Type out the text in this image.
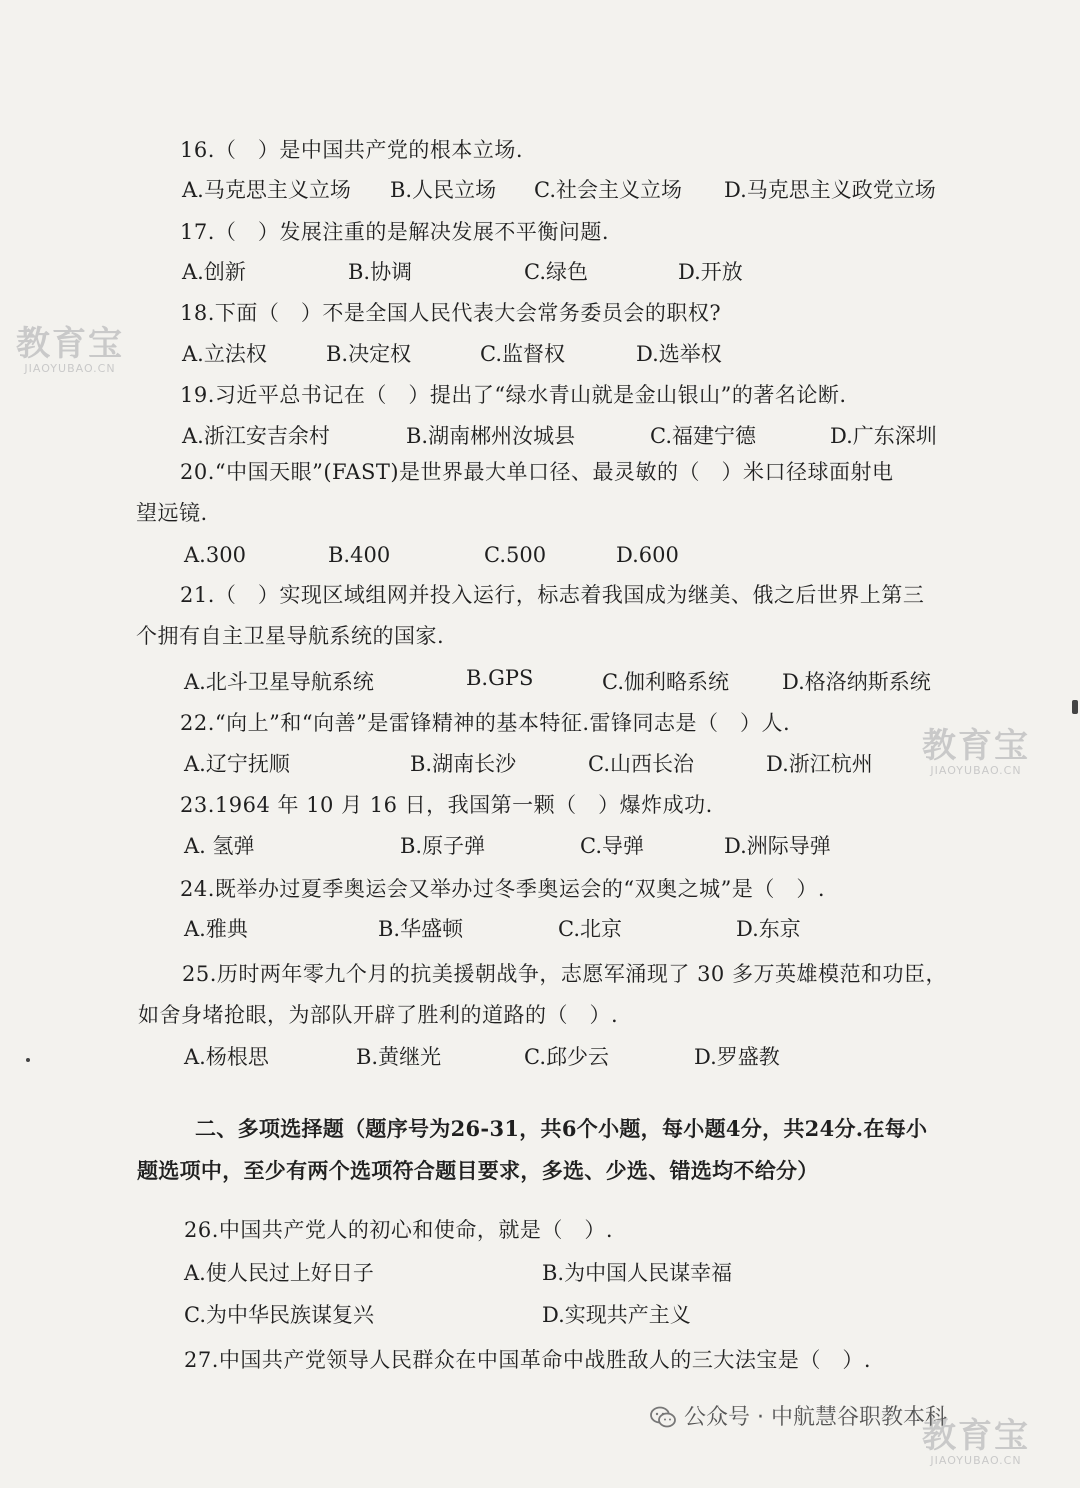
16.（　）是中国共产党的根本立场.
A.马克思主义立场 B.人民立场 C.社会主义立场 D.马克思主义政党立场
17.（　）发展注重的是解决发展不平衡问题.
A.创新	B.协调	C.绿色	D.开放
18.下面（　）不是全国人民代表大会常务委员会的职权?
A.立法权	B.决定权	C.监督权	D.选举权
19.习近平总书记在（　）提出了“绿水青山就是金山银山”的著名论断.
A.浙江安吉余村	B.湖南郴州汝城县	C.福建宁德	D.广东深圳
20.“中国天眼”(FAST)是世界最大单口径、最灵敏的（　）米口径球面射电
望远镜.
A.300	B.400	C.500	D.600
21.（　）实现区域组网并投入运行，标志着我国成为继美、俄之后世界上第三
个拥有自主卫星导航系统的国家.
A.北斗卫星导航系统	B.GPS	C.伽利略系统	D.格洛纳斯系统
22.“向上”和“向善”是雷锋精神的基本特征.雷锋同志是（　）人.
A.辽宁抚顺	B.湖南长沙	C.山西长治	D.浙江杭州
23.1964 年 10 月 16 日，我国第一颗（　）爆炸成功.
A. 氢弹	B.原子弹	C.导弹	D.洲际导弹
24.既举办过夏季奥运会又举办过冬季奥运会的“双奥之城”是（　）.
A.雅典	B.华盛顿	C.北京	D.东京
25.历时两年零九个月的抗美援朝战争，志愿军涌现了 30 多万英雄模范和功臣，
如舍身堵抢眼，为部队开辟了胜利的道路的（　）.
A.杨根思	B.黄继光	C.邱少云	D.罗盛教
二、多项选择题（题序号为26-31，共6个小题，每小题4分，共24分.在每小
题选项中，至少有两个选项符合题目要求，多选、少选、错选均不给分）
26.中国共产党人的初心和使命，就是（　）.
A.使人民过上好日子	B.为中国人民谋幸福
C.为中华民族谋复兴	D.实现共产主义
27.中国共产党领导人民群众在中国革命中战胜敌人的三大法宝是（　）.
教育宝
JIAOYUBAO.CN
教育宝
JIAOYUBAO.CN
教育宝
JIAOYUBAO.CN
公众号 · 中航慧谷职教本科
